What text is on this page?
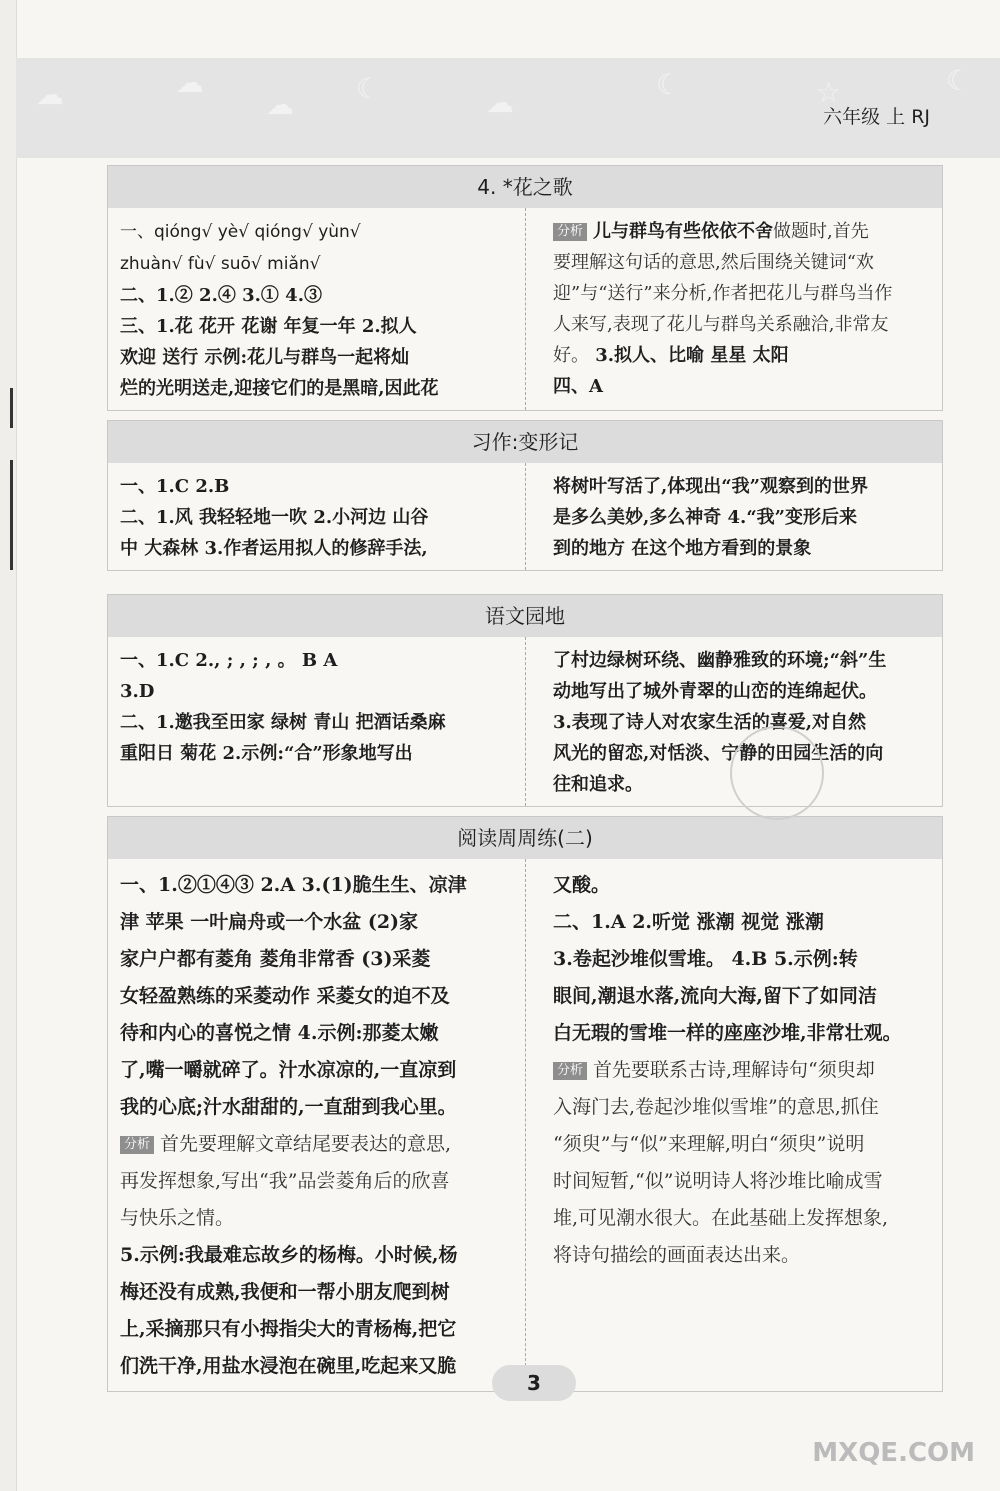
☁	☁
☁ ☾	☁
☾	☆	☾
六年级 上 RJ
4. *花之歌
一、qióng√ yè√ qióng√ yùn√
zhuàn√ fù√ suō√ miǎn√
二、1.② 2.④ 3.① 4.③
三、1.花 花开 花谢 年复一年 2.拟人
欢迎 送行 示例:花儿与群鸟一起将灿
烂的光明送走,迎接它们的是黑暗,因此花
分析 儿与群鸟有些依依不舍做题时,首先
要理解这句话的意思,然后围绕关键词“欢
迎”与“送行”来分析,作者把花儿与群鸟当作
人来写,表现了花儿与群鸟关系融洽,非常友
好。 3.拟人、比喻 星星 太阳
四、A
习作:变形记
一、1.C 2.B
二、1.风 我轻轻地一吹 2.小河边 山谷
中 大森林 3.作者运用拟人的修辞手法,
将树叶写活了,体现出“我”观察到的世界
是多么美妙,多么神奇 4.“我”变形后来
到的地方 在这个地方看到的景象
语文园地
一、1.C 2., ; , ; , 。 B A
3.D
二、1.邀我至田家 绿树 青山 把酒话桑麻
重阳日 菊花 2.示例:“合”形象地写出
了村边绿树环绕、幽静雅致的环境;“斜”生
动地写出了城外青翠的山峦的连绵起伏。
3.表现了诗人对农家生活的喜爱,对自然
风光的留恋,对恬淡、宁静的田园生活的向
往和追求。
阅读周周练(二)
一、1.②①④③ 2.A 3.(1)脆生生、凉津
津 苹果 一叶扁舟或一个水盆 (2)家
家户户都有菱角 菱角非常香 (3)采菱
女轻盈熟练的采菱动作 采菱女的迫不及
待和内心的喜悦之情 4.示例:那菱太嫩
了,嘴一嚼就碎了。汁水凉凉的,一直凉到
我的心底;汁水甜甜的,一直甜到我心里。
分析 首先要理解文章结尾要表达的意思,
再发挥想象,写出“我”品尝菱角后的欣喜
与快乐之情。
5.示例:我最难忘故乡的杨梅。小时候,杨
梅还没有成熟,我便和一帮小朋友爬到树
上,采摘那只有小拇指尖大的青杨梅,把它
们洗干净,用盐水浸泡在碗里,吃起来又脆
又酸。
二、1.A 2.听觉 涨潮 视觉 涨潮
3.卷起沙堆似雪堆。 4.B 5.示例:转
眼间,潮退水落,流向大海,留下了如同洁
白无瑕的雪堆一样的座座沙堆,非常壮观。
分析 首先要联系古诗,理解诗句“须臾却
入海门去,卷起沙堆似雪堆”的意思,抓住
“须臾”与“似”来理解,明白“须臾”说明
时间短暂,“似”说明诗人将沙堆比喻成雪
堆,可见潮水很大。在此基础上发挥想象,
将诗句描绘的画面表达出来。
3
MXQE.COM
